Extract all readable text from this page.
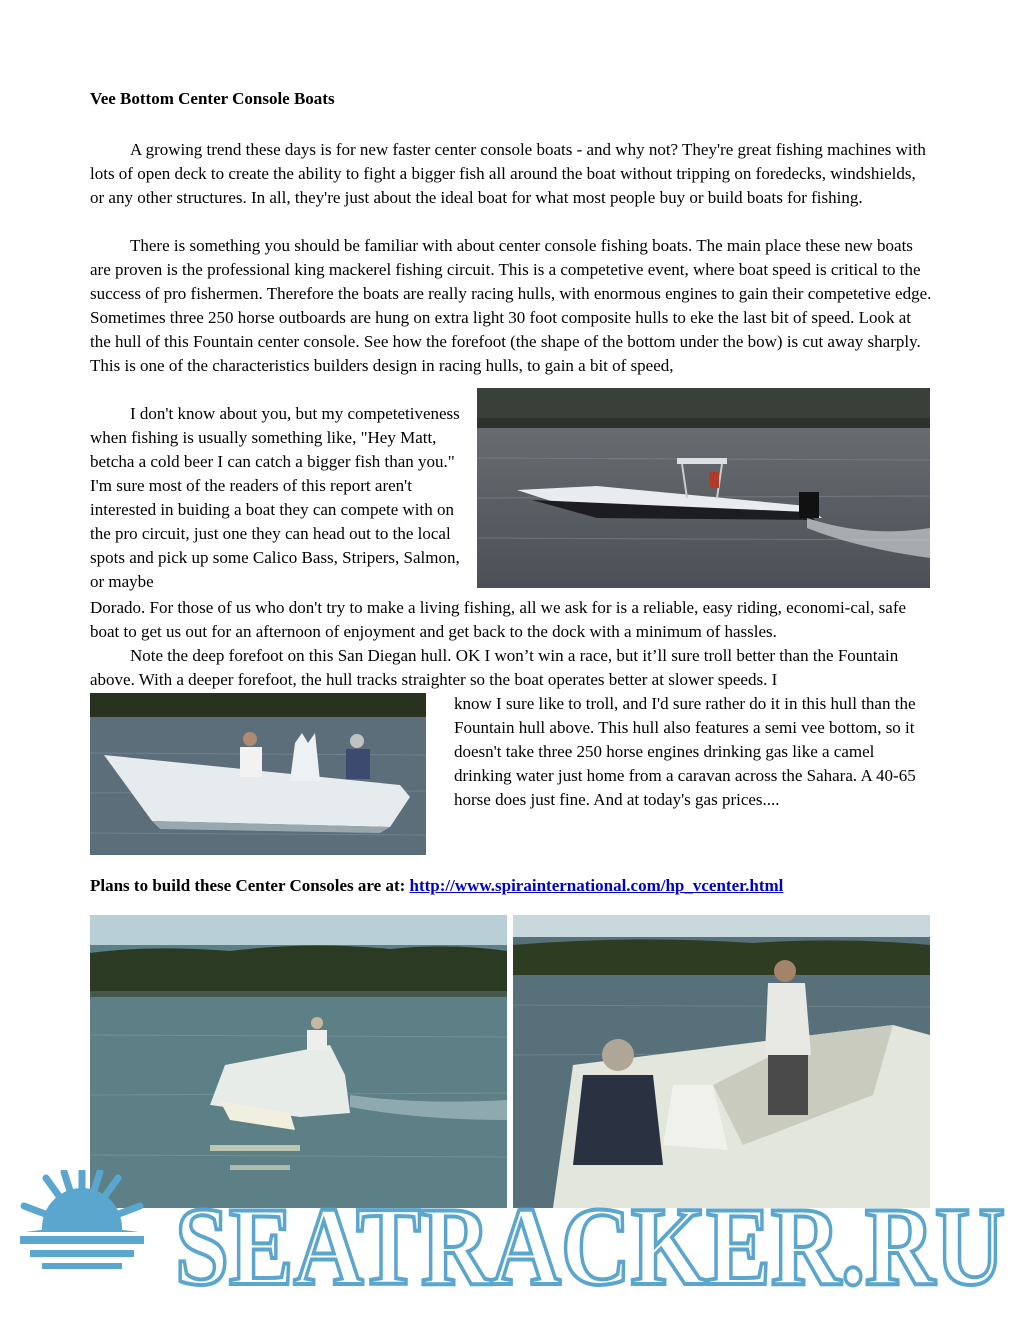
Vee Bottom Center Console Boats

A growing trend these days is for new faster center console boats - and why not? They're great fishing machines with lots of open deck to create the ability to fight a bigger fish all around the boat without tripping on foredecks, windshields, or any other structures. In all, they're just about the ideal boat for what most people buy or build boats for fishing.

There is something you should be familiar with about center console fishing boats. The main place these new boats are proven is the professional king mackerel fishing circuit. This is a competetive event, where boat speed is critical to the success of pro fishermen. Therefore the boats are really racing hulls, with enormous engines to gain their competetive edge. Sometimes three 250 horse outboards are hung on extra light 30 foot composite hulls to eke the last bit of speed. Look at the hull of this Fountain center console. See how the forefoot (the shape of the bottom under the bow) is cut away sharply. This is one of the characteristics builders design in racing hulls, to gain a bit of speed,

I don't know about you, but my competetiveness when fishing is usually something like, "Hey Matt, betcha a cold beer I can catch a bigger fish than you." I'm sure most of the readers of this report aren't interested in buiding a boat they can compete with on the pro circuit, just one they can head out to the local spots and pick up some Calico Bass, Stripers, Salmon, or maybe

Dorado. For those of us who don't try to make a living fishing, all we ask for is a reliable, easy riding, economi-cal, safe boat to get us out for an afternoon of enjoyment and get back to the dock with a minimum of hassles.

Note the deep forefoot on this San Diegan hull. OK I won’t win a race, but it’ll sure troll better than the Fountain above. With a deeper forefoot, the hull tracks straighter so the boat operates better at slower speeds. I

know I sure like to troll, and I'd sure rather do it in this hull than the Fountain hull above. This hull also features a semi vee bottom, so it doesn't take three 250 horse engines drinking gas like a camel drinking water just home from a caravan across the Sahara. A 40-65 horse does just fine. And at today's gas prices....

Plans to build these Center Consoles are at: http://www.spirainternational.com/hp_vcenter.html
SEATRACKER.RU
